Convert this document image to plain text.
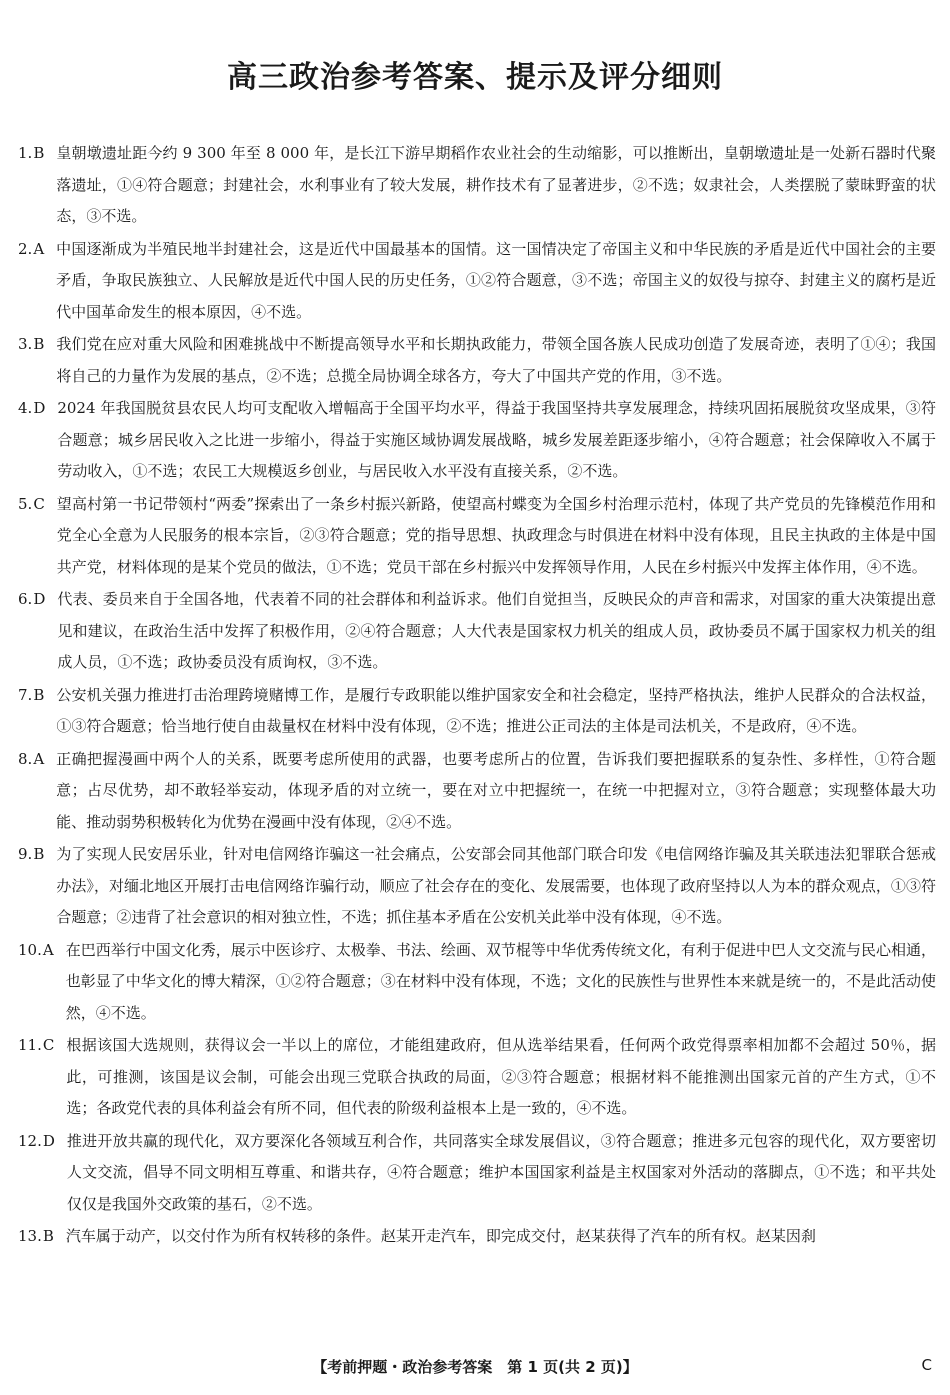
高三政治参考答案、提示及评分细则
1. B 皇朝墩遗址距今约 9 300 年至 8 000 年，是长江下游早期稻作农业社会的生动缩影，可以推断出，皇朝墩遗址是一处新石器时代聚落遗址，①④符合题意；封建社会，水利事业有了较大发展，耕作技术有了显著进步，②不选；奴隶社会，人类摆脱了蒙昧野蛮的状态，③不选。
2. A 中国逐渐成为半殖民地半封建社会，这是近代中国最基本的国情。这一国情决定了帝国主义和中华民族的矛盾是近代中国社会的主要矛盾，争取民族独立、人民解放是近代中国人民的历史任务，①②符合题意，③不选；帝国主义的奴役与掠夺、封建主义的腐朽是近代中国革命发生的根本原因，④不选。
3. B 我们党在应对重大风险和困难挑战中不断提高领导水平和长期执政能力，带领全国各族人民成功创造了发展奇迹，表明了①④；我国将自己的力量作为发展的基点，②不选；总揽全局协调全球各方，夸大了中国共产党的作用，③不选。
4. D 2024 年我国脱贫县农民人均可支配收入增幅高于全国平均水平，得益于我国坚持共享发展理念，持续巩固拓展脱贫攻坚成果，③符合题意；城乡居民收入之比进一步缩小，得益于实施区域协调发展战略，城乡发展差距逐步缩小，④符合题意；社会保障收入不属于劳动收入，①不选；农民工大规模返乡创业，与居民收入水平没有直接关系，②不选。
5. C 望高村第一书记带领村“两委”探索出了一条乡村振兴新路，使望高村蝶变为全国乡村治理示范村，体现了共产党员的先锋模范作用和党全心全意为人民服务的根本宗旨，②③符合题意；党的指导思想、执政理念与时俱进在材料中没有体现，且民主执政的主体是中国共产党，材料体现的是某个党员的做法，①不选；党员干部在乡村振兴中发挥领导作用，人民在乡村振兴中发挥主体作用，④不选。
6. D 代表、委员来自于全国各地，代表着不同的社会群体和利益诉求。他们自觉担当，反映民众的声音和需求，对国家的重大决策提出意见和建议，在政治生活中发挥了积极作用，②④符合题意；人大代表是国家权力机关的组成人员，政协委员不属于国家权力机关的组成人员，①不选；政协委员没有质询权，③不选。
7. B 公安机关强力推进打击治理跨境赌博工作，是履行专政职能以维护国家安全和社会稳定，坚持严格执法，维护人民群众的合法权益，①③符合题意；恰当地行使自由裁量权在材料中没有体现，②不选；推进公正司法的主体是司法机关，不是政府，④不选。
8. A 正确把握漫画中两个人的关系，既要考虑所使用的武器，也要考虑所占的位置，告诉我们要把握联系的复杂性、多样性，①符合题意；占尽优势，却不敢轻举妄动，体现矛盾的对立统一，要在对立中把握统一，在统一中把握对立，③符合题意；实现整体最大功能、推动弱势积极转化为优势在漫画中没有体现，②④不选。
9. B 为了实现人民安居乐业，针对电信网络诈骗这一社会痛点，公安部会同其他部门联合印发《电信网络诈骗及其关联违法犯罪联合惩戒办法》，对缅北地区开展打击电信网络诈骗行动，顺应了社会存在的变化、发展需要，也体现了政府坚持以人为本的群众观点，①③符合题意；②违背了社会意识的相对独立性，不选；抓住基本矛盾在公安机关此举中没有体现，④不选。
10. A 在巴西举行中国文化秀，展示中医诊疗、太极拳、书法、绘画、双节棍等中华优秀传统文化，有利于促进中巴人文交流与民心相通，也彰显了中华文化的博大精深，①②符合题意；③在材料中没有体现，不选；文化的民族性与世界性本来就是统一的，不是此活动使然，④不选。
11. C 根据该国大选规则，获得议会一半以上的席位，才能组建政府，但从选举结果看，任何两个政党得票率相加都不会超过 50％，据此，可推测，该国是议会制，可能会出现三党联合执政的局面，②③符合题意；根据材料不能推测出国家元首的产生方式，①不选；各政党代表的具体利益会有所不同，但代表的阶级利益根本上是一致的，④不选。
12. D 推进开放共赢的现代化，双方要深化各领域互利合作，共同落实全球发展倡议，③符合题意；推进多元包容的现代化，双方要密切人文交流，倡导不同文明相互尊重、和谐共存，④符合题意；维护本国国家利益是主权国家对外活动的落脚点，①不选；和平共处仅仅是我国外交政策的基石，②不选。
13. B 汽车属于动产，以交付作为所有权转移的条件。赵某开走汽车，即完成交付，赵某获得了汽车的所有权。赵某因刹
【考前押题・政治参考答案　第 1 页(共 2 页)】	C
